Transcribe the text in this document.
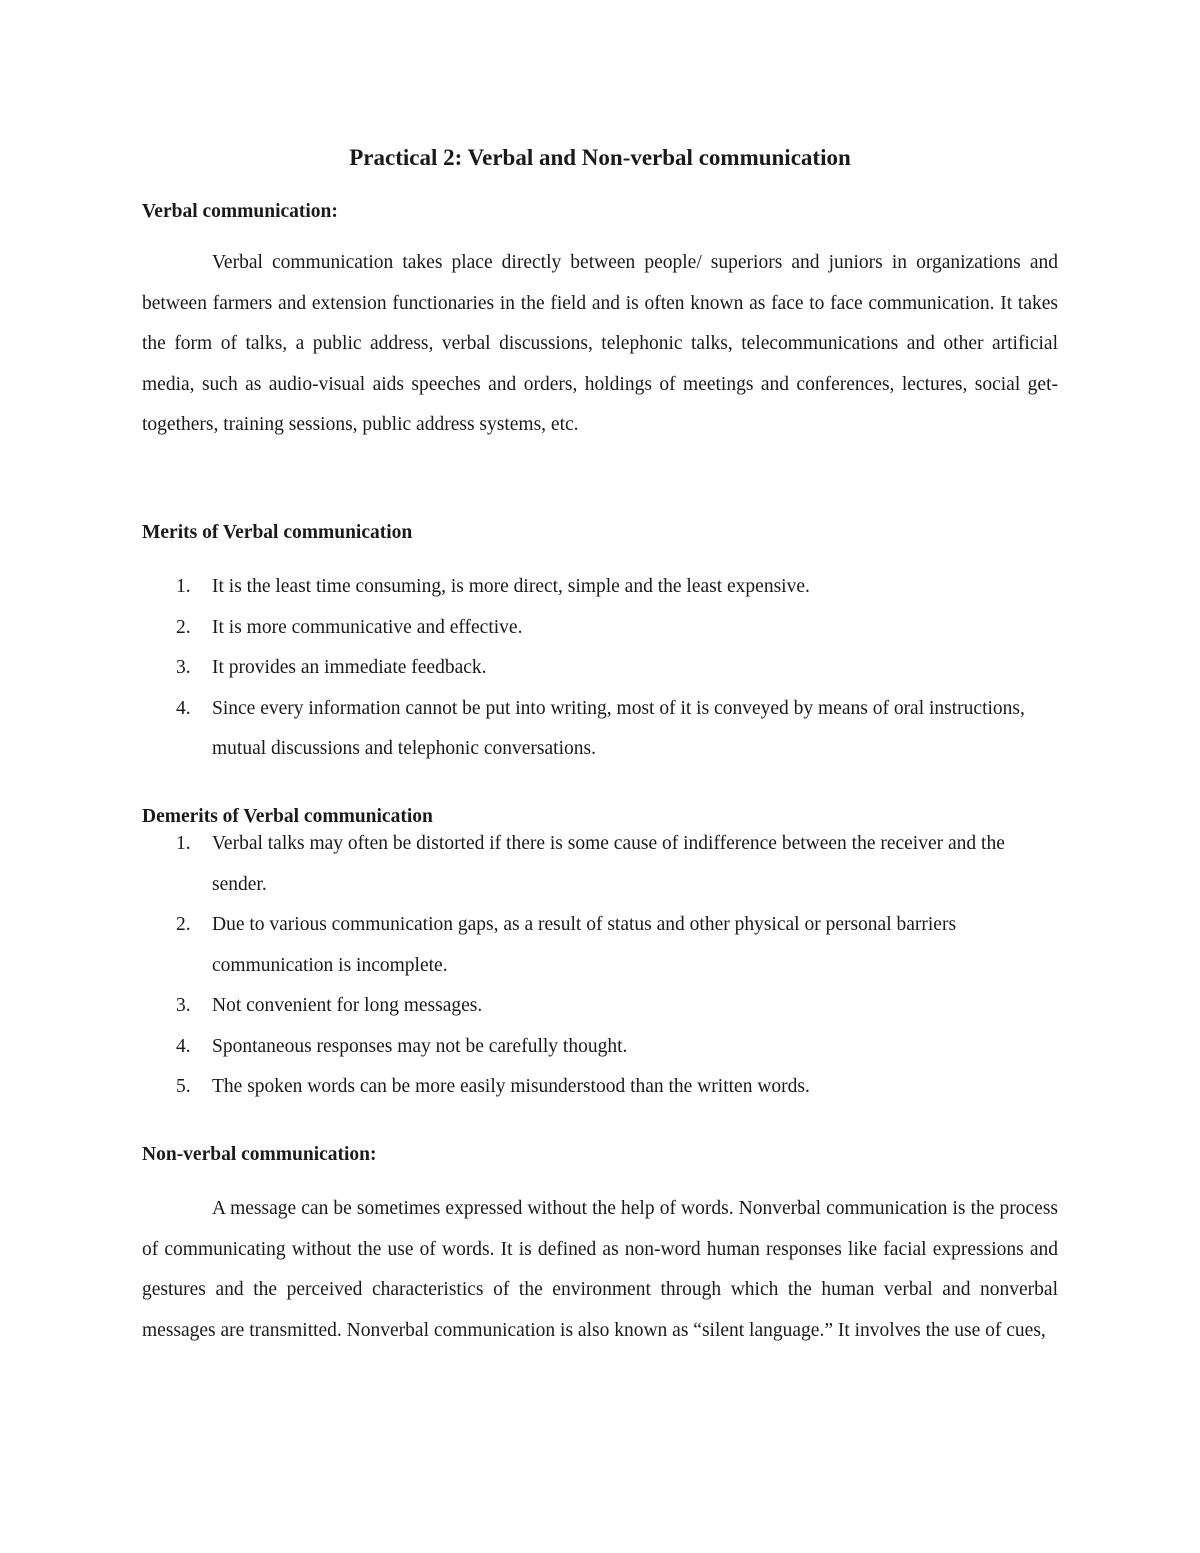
Practical 2: Verbal and Non-verbal communication
Verbal communication:

Verbal communication takes place directly between people/ superiors and juniors in organizations and between farmers and extension functionaries in the field and is often known as face to face communication. It takes the form of talks, a public address, verbal discussions, telephonic talks, telecommunications and other artificial media, such as audio-visual aids speeches and orders, holdings of meetings and conferences, lectures, social get-togethers, training sessions, public address systems, etc.

Merits of Verbal communication
1. It is the least time consuming, is more direct, simple and the least expensive.
2. It is more communicative and effective.
3. It provides an immediate feedback.
4. Since every information cannot be put into writing, most of it is conveyed by means of oral instructions, mutual discussions and telephonic conversations.
Demerits of Verbal communication
1. Verbal talks may often be distorted if there is some cause of indifference between the receiver and the sender.
2. Due to various communication gaps, as a result of status and other physical or personal barriers communication is incomplete.
3. Not convenient for long messages.
4. Spontaneous responses may not be carefully thought.
5. The spoken words can be more easily misunderstood than the written words.
Non-verbal communication:

A message can be sometimes expressed without the help of words. Nonverbal communication is the process of communicating without the use of words. It is defined as non-word human responses like facial expressions and gestures and the perceived characteristics of the environment through which the human verbal and nonverbal messages are transmitted. Nonverbal communication is also known as “silent language.” It involves the use of cues,
